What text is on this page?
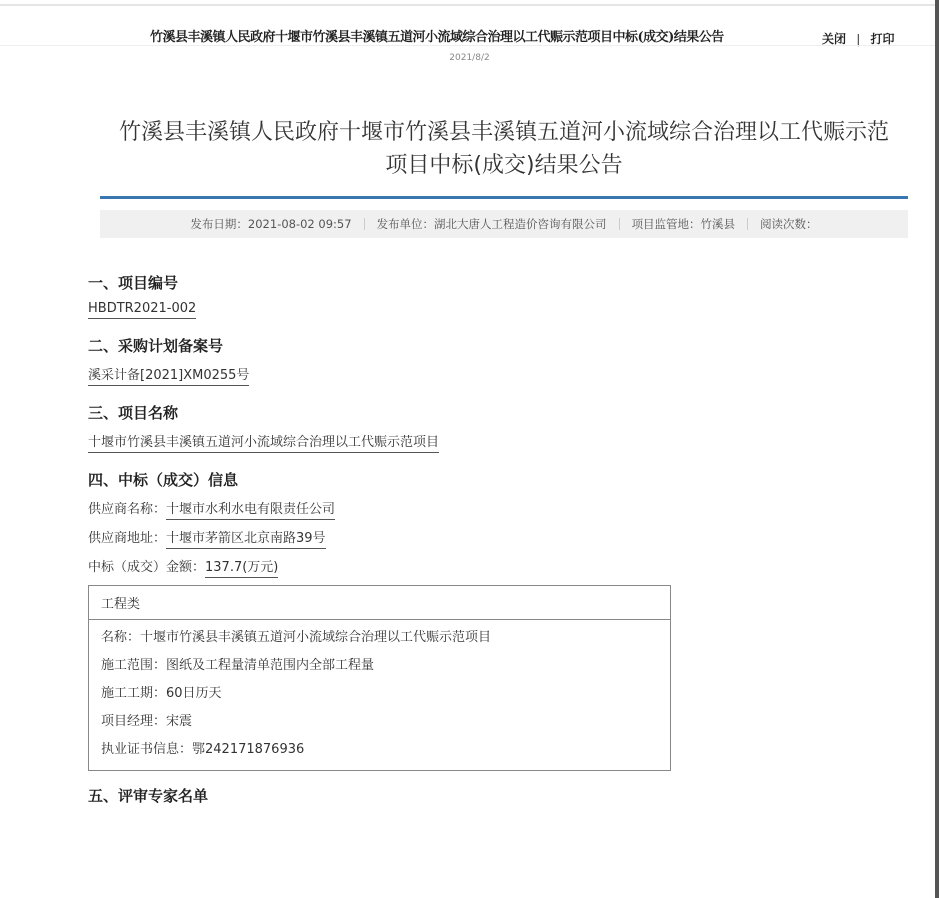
竹溪县丰溪镇人民政府十堰市竹溪县丰溪镇五道河小流域综合治理以工代赈示范项目中标(成交)结果公告	关闭 | 打印
2021/8/2
竹溪县丰溪镇人民政府十堰市竹溪县丰溪镇五道河小流域综合治理以工代赈示范
项目中标(成交)结果公告
发布日期：2021-08-02 09:57 发布单位：湖北大唐人工程造价咨询有限公司 项目监管地：竹溪县 阅读次数：
一、项目编号
HBDTR2021-002
二、采购计划备案号
溪采计备[2021]XM0255号
三、项目名称
十堰市竹溪县丰溪镇五道河小流域综合治理以工代赈示范项目
四、中标（成交）信息
供应商名称：十堰市水利水电有限责任公司
供应商地址：十堰市茅箭区北京南路39号
中标（成交）金额：137.7(万元)
工程类
名称：十堰市竹溪县丰溪镇五道河小流域综合治理以工代赈示范项目
施工范围：图纸及工程量清单范围内全部工程量
施工工期：60日历天
项目经理：宋震
执业证书信息：鄂242171876936
五、评审专家名单
